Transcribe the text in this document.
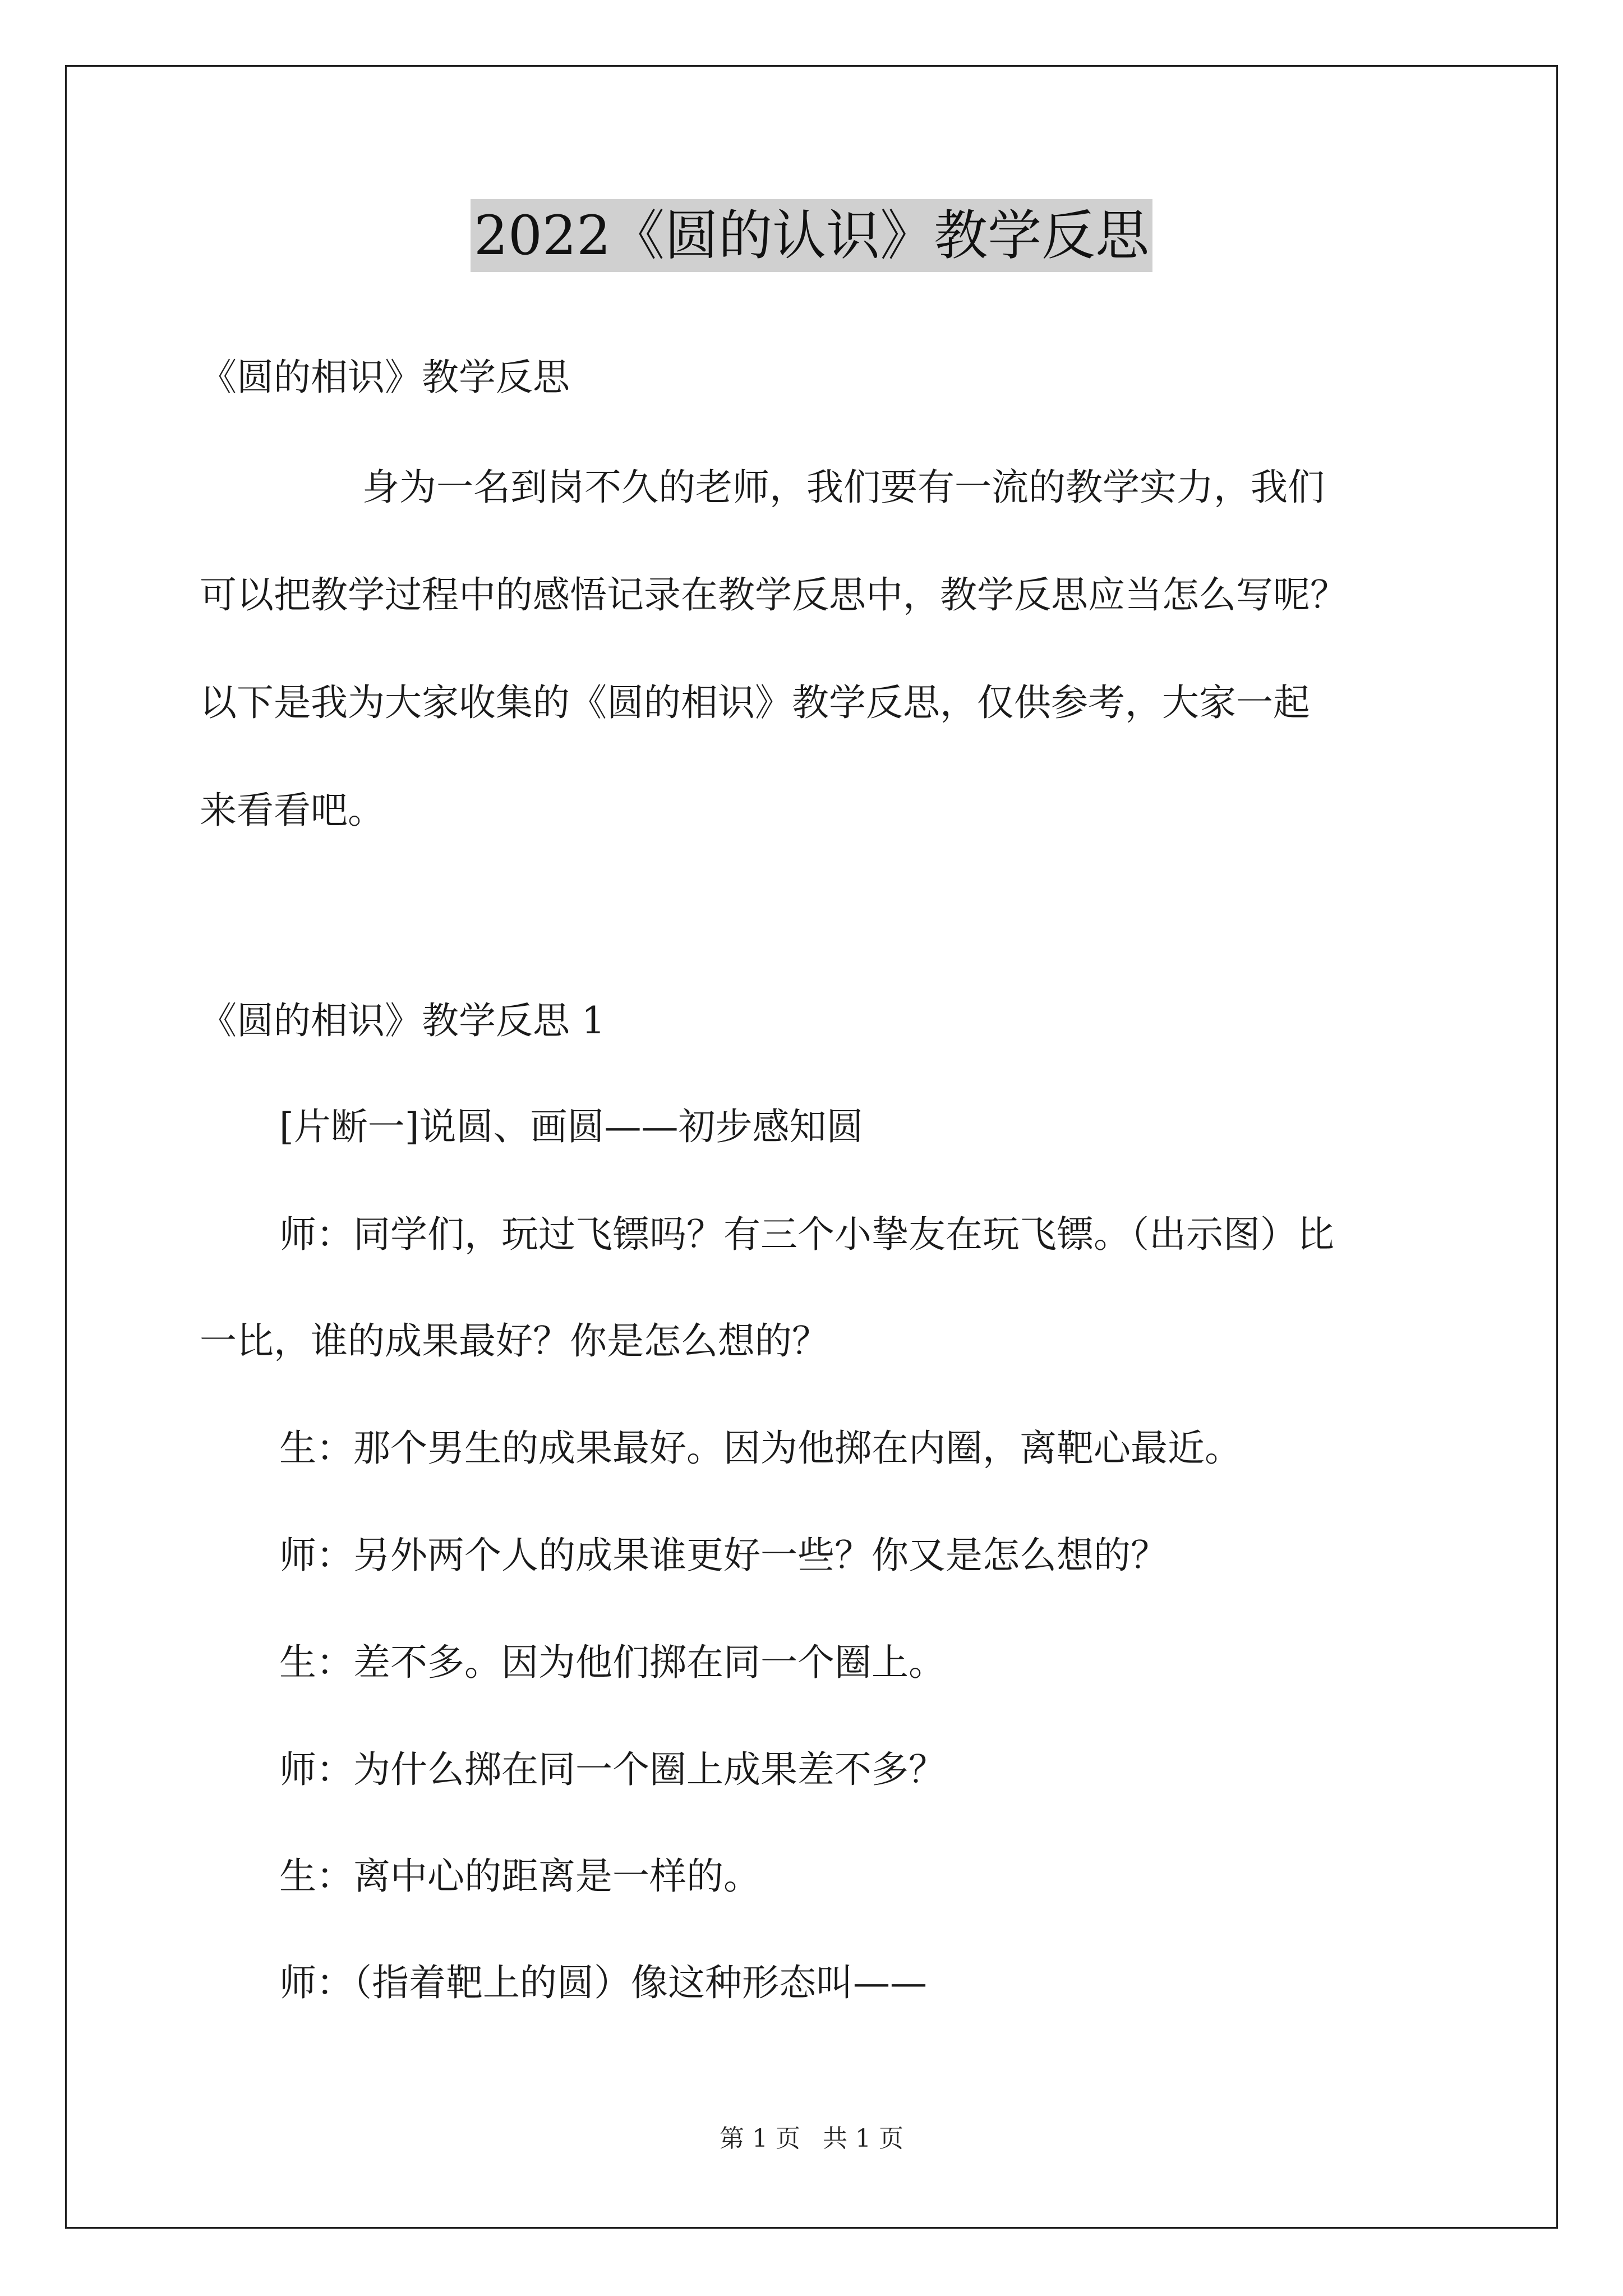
2022《圆的认识》教学反思
《圆的相识》教学反思
身为一名到岗不久的老师，我们要有一流的教学实力，我们
可以把教学过程中的感悟记录在教学反思中，教学反思应当怎么写呢？
以下是我为大家收集的《圆的相识》教学反思，仅供参考，大家一起
来看看吧。
《圆的相识》教学反思 1
[片断一]说圆、画圆——初步感知圆
师：同学们，玩过飞镖吗？有三个小挚友在玩飞镖。（出示图）比
一比，谁的成果最好？你是怎么想的？
生：那个男生的成果最好。因为他掷在内圈，离靶心最近。
师：另外两个人的成果谁更好一些？你又是怎么想的？
生：差不多。因为他们掷在同一个圈上。
师：为什么掷在同一个圈上成果差不多？
生：离中心的距离是一样的。
师：（指着靶上的圆）像这种形态叫——
第 1 页 共 1 页
